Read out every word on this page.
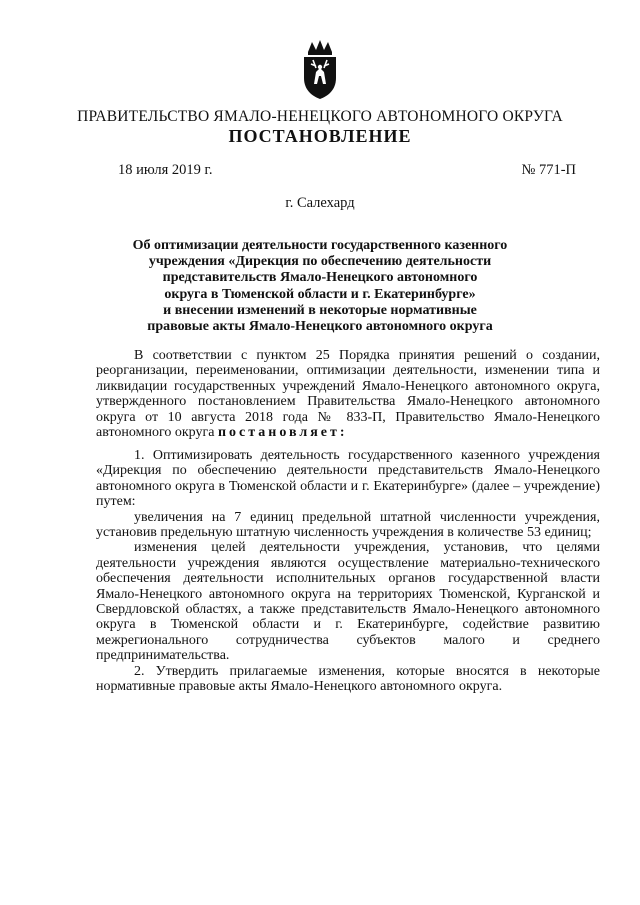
ПРАВИТЕЛЬСТВО ЯМАЛО-НЕНЕЦКОГО АВТОНОМНОГО ОКРУГА
ПОСТАНОВЛЕНИЕ
18 июля 2019 г.	№ 771-П
г. Салехард
Об оптимизации деятельности государственного казенного
учреждения «Дирекция по обеспечению деятельности
представительств Ямало-Ненецкого автономного
округа в Тюменской области и г. Екатеринбурге»
и внесении изменений в некоторые нормативные
правовые акты Ямало-Ненецкого автономного округа

В соответствии с пунктом 25 Порядка принятия решений о создании, реорганизации, переименовании, оптимизации деятельности, изменении типа и ликвидации государственных учреждений Ямало-Ненецкого автономного округа, утвержденного постановлением Правительства Ямало-Ненецкого автономного округа от 10 августа 2018 года № 833-П, Правительство Ямало-Ненецкого автономного округа постановляет:

1. Оптимизировать деятельность государственного казенного учреждения «Дирекция по обеспечению деятельности представительств Ямало-Ненецкого автономного округа в Тюменской области и г. Екатеринбурге» (далее – учреждение) путем:

увеличения на 7 единиц предельной штатной численности учреждения, установив предельную штатную численность учреждения в количестве 53 единиц;

изменения целей деятельности учреждения, установив, что целями деятельности учреждения являются осуществление материально-технического обеспечения деятельности исполнительных органов государственной власти Ямало-Ненецкого автономного округа на территориях Тюменской, Курганской и Свердловской областях, а также представительств Ямало-Ненецкого автономного округа в Тюменской области и г. Екатеринбурге, содействие развитию межрегионального сотрудничества субъектов малого и среднего предпринимательства.

2. Утвердить прилагаемые изменения, которые вносятся в некоторые нормативные правовые акты Ямало-Ненецкого автономного округа.
